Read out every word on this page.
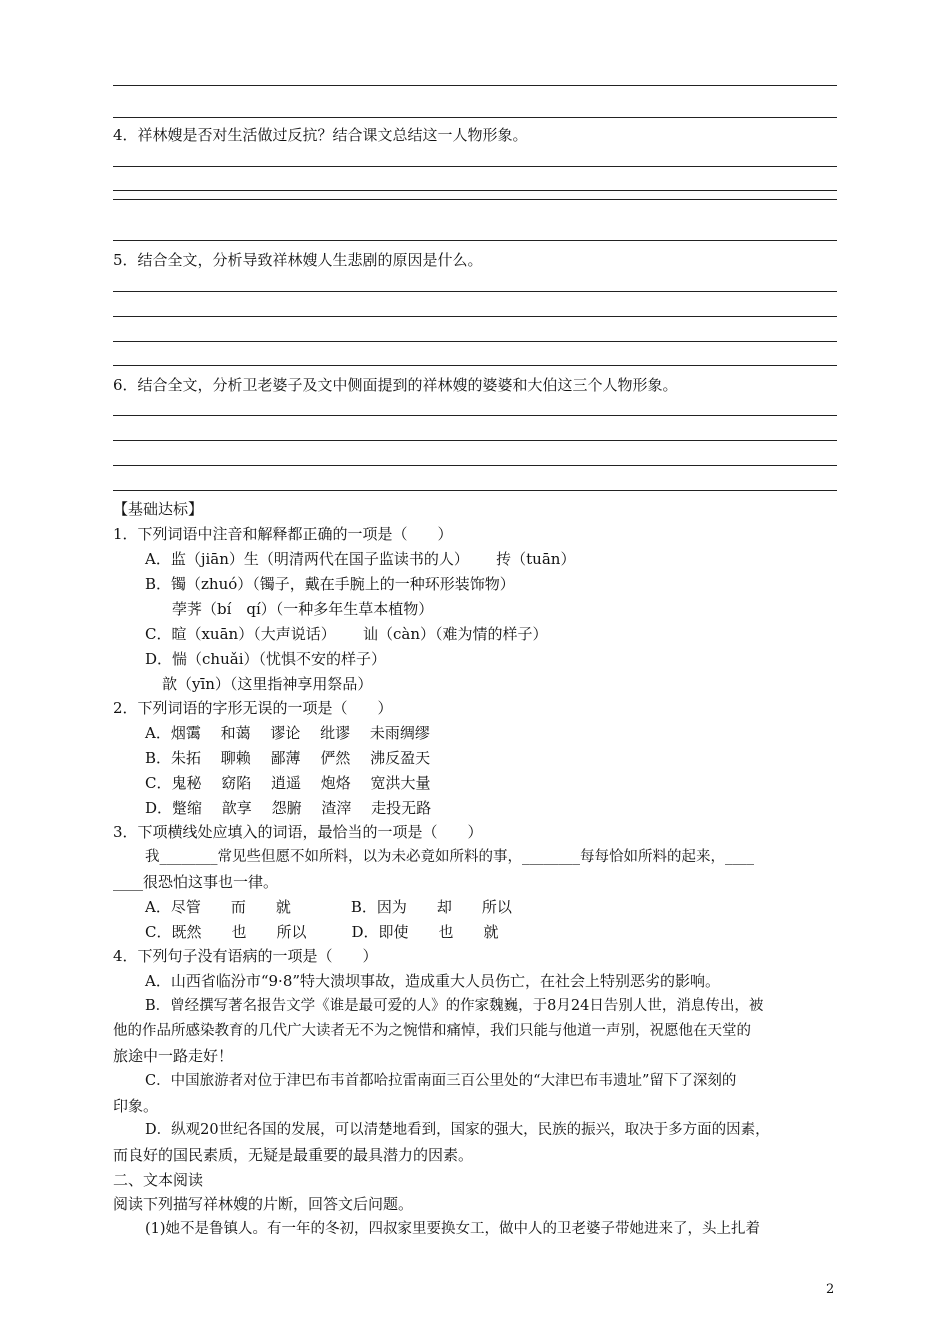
4．祥林嫂是否对生活做过反抗？结合课文总结这一人物形象。
5．结合全文，分析导致祥林嫂人生悲剧的原因是什么。
6．结合全文，分析卫老婆子及文中侧面提到的祥林嫂的婆婆和大伯这三个人物形象。
【基础达标】
1．下列词语中注音和解释都正确的一项是（　　）
A．监（jiān）生（明清两代在国子监读书的人）　　 抟（tuān）
B．镯（zhuó）（镯子，戴在手腕上的一种环形装饰物）
荸荠（bí　qí）（一种多年生草本植物）
C．暄（xuān）（大声说话）　　 讪（càn）（难为情的样子）
D．惴（chuǎi）（忧惧不安的样子）
歆（yīn）（这里指神享用祭品）
2．下列词语的字形无误的一项是（　　）
A．烟霭　 和蔼　 谬论　 纰谬　 未雨绸缪
B．朱拓　 聊赖　 鄙薄　 俨然　 沸反盈天
C．鬼秘　 窈陷　 逍遥　 炮烙　 宽洪大量
D．蹩缩　 歆享　 怨腑　 渣滓　 走投无路
3．下项横线处应填入的词语，最恰当的一项是（　　）
我________常见些但愿不如所料，以为未必竟如所料的事，________每每恰如所料的起来，____
____很恐怕这事也一律。
A．尽管　　而　　就　　　　B．因为　　却　　所以
C．既然　　也　　所以　　　D．即使　　也　　就
4．下列句子没有语病的一项是（　　）
A．山西省临汾市“9·8”特大溃坝事故，造成重大人员伤亡，在社会上特别恶劣的影响。
B．曾经撰写著名报告文学《谁是最可爱的人》的作家魏巍，于8月24日告别人世，消息传出，被
他的作品所感染教育的几代广大读者无不为之惋惜和痛悼，我们只能与他道一声别，祝愿他在天堂的
旅途中一路走好！
C．中国旅游者对位于津巴布韦首都哈拉雷南面三百公里处的“大津巴布韦遗址”留下了深刻的
印象。
D．纵观20世纪各国的发展，可以清楚地看到，国家的强大，民族的振兴，取决于多方面的因素，
而良好的国民素质，无疑是最重要的最具潜力的因素。
二、文本阅读
阅读下列描写祥林嫂的片断，回答文后问题。
(1)她不是鲁镇人。有一年的冬初，四叔家里要换女工，做中人的卫老婆子带她进来了，头上扎着
2
